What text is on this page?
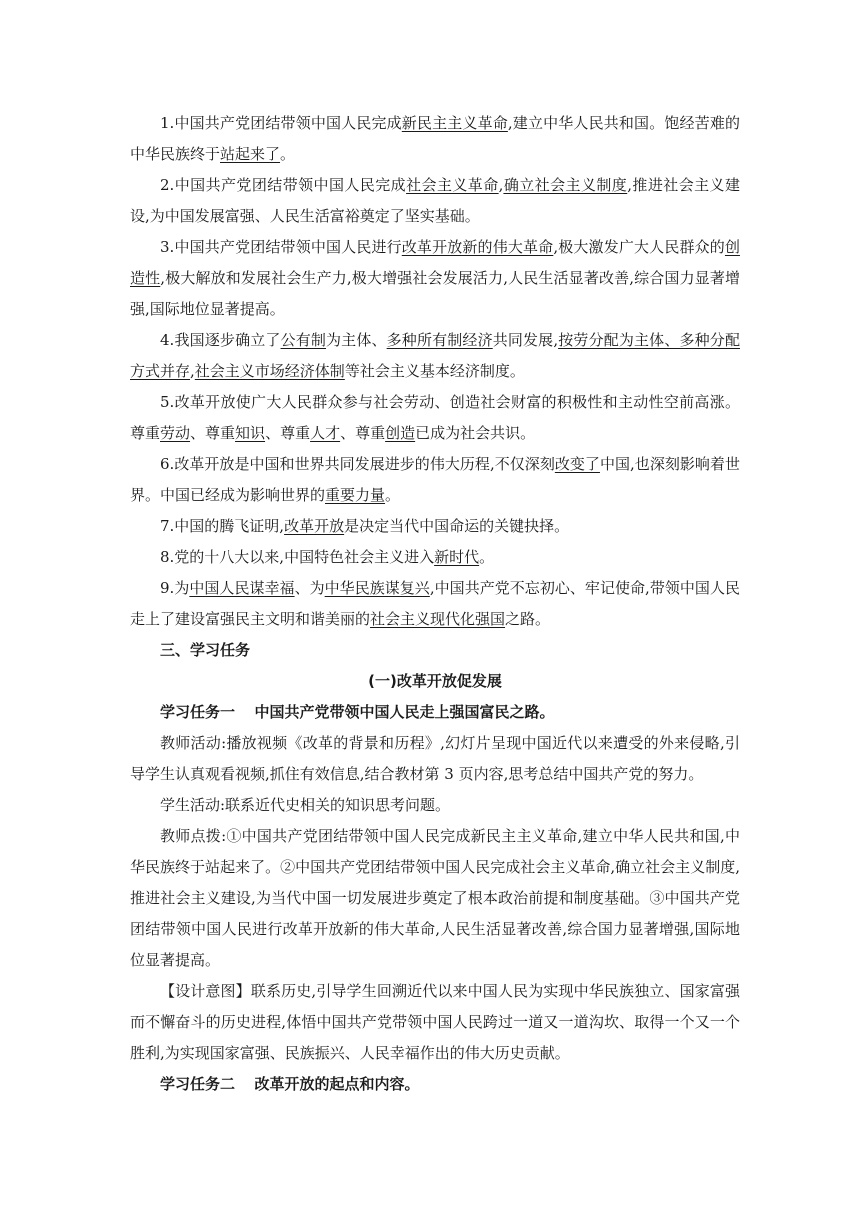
1.中国共产党团结带领中国人民完成新民主主义革命,建立中华人民共和国。饱经苦难的中华民族终于站起来了。

2.中国共产党团结带领中国人民完成社会主义革命,确立社会主义制度,推进社会主义建设,为中国发展富强、人民生活富裕奠定了坚实基础。

3.中国共产党团结带领中国人民进行改革开放新的伟大革命,极大激发广大人民群众的创造性,极大解放和发展社会生产力,极大增强社会发展活力,人民生活显著改善,综合国力显著增强,国际地位显著提高。

4.我国逐步确立了公有制为主体、多种所有制经济共同发展,按劳分配为主体、多种分配方式并存,社会主义市场经济体制等社会主义基本经济制度。

5.改革开放使广大人民群众参与社会劳动、创造社会财富的积极性和主动性空前高涨。尊重劳动、尊重知识、尊重人才、尊重创造已成为社会共识。

6.改革开放是中国和世界共同发展进步的伟大历程,不仅深刻改变了中国,也深刻影响着世界。中国已经成为影响世界的重要力量。

7.中国的腾飞证明,改革开放是决定当代中国命运的关键抉择。

8.党的十八大以来,中国特色社会主义进入新时代。

9.为中国人民谋幸福、为中华民族谋复兴,中国共产党不忘初心、牢记使命,带领中国人民走上了建设富强民主文明和谐美丽的社会主义现代化强国之路。

三、学习任务

(一)改革开放促发展

学习任务一 中国共产党带领中国人民走上强国富民之路。

教师活动:播放视频《改革的背景和历程》,幻灯片呈现中国近代以来遭受的外来侵略,引导学生认真观看视频,抓住有效信息,结合教材第 3 页内容,思考总结中国共产党的努力。

学生活动:联系近代史相关的知识思考问题。

教师点拨:①中国共产党团结带领中国人民完成新民主主义革命,建立中华人民共和国,中华民族终于站起来了。②中国共产党团结带领中国人民完成社会主义革命,确立社会主义制度,推进社会主义建设,为当代中国一切发展进步奠定了根本政治前提和制度基础。③中国共产党团结带领中国人民进行改革开放新的伟大革命,人民生活显著改善,综合国力显著增强,国际地位显著提高。

【设计意图】联系历史,引导学生回溯近代以来中国人民为实现中华民族独立、国家富强而不懈奋斗的历史进程,体悟中国共产党带领中国人民跨过一道又一道沟坎、取得一个又一个胜利,为实现国家富强、民族振兴、人民幸福作出的伟大历史贡献。

学习任务二 改革开放的起点和内容。
